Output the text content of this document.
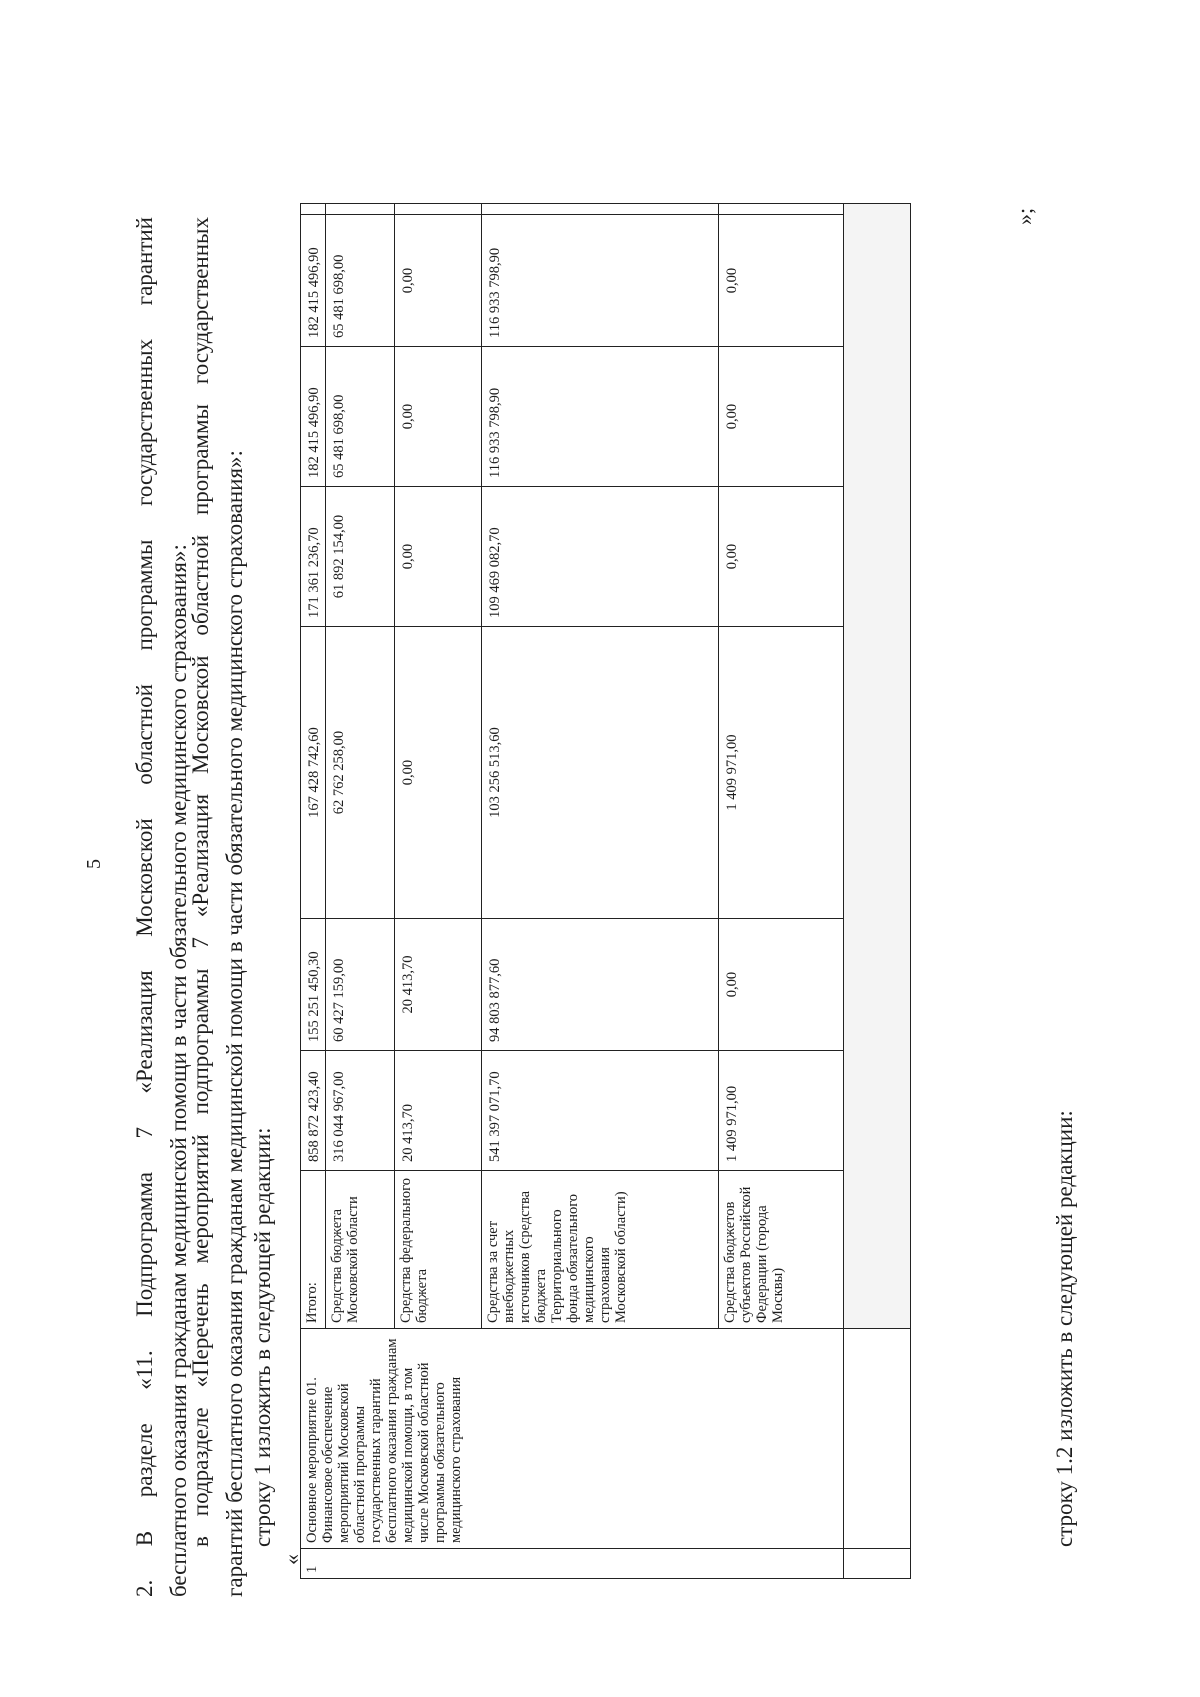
5 2. В разделе «11. Подпрограмма 7 «Реализация Московской областной программы государственных гарантий бесплатного оказания гражданам медицинской помощи в части обязательного медицинского страхования»:
в подразделе «Перечень мероприятий подпрограммы 7 «Реализация Московской областной программы государственных гарантий бесплатного оказания гражданам медицинской помощи в части обязательного медицинского страхования»: строку 1 изложить в следующей редакции:
«
1	Основное мероприятие 01. Финансовое обеспечение мероприятий Московской областной программы государственных гарантий бесплатного оказания гражданам медицинской помощи, в том числе Московской областной программы обязательного медицинского страхования	Итого:	858 872 423,40	155 251 450,30	167 428 742,60	171 361 236,70	182 415 496,90	182 415 496,90	
		Средства бюджета Московской области	316 044 967,00	60 427 159,00	62 762 258,00	61 892 154,00	65 481 698,00	65 481 698,00	
		Средства федерального бюджета	20 413,70	20 413,70	0,00	0,00	0,00	0,00	
		Средства за счет внебюджетных источников (средства бюджета Территориального фонда обязательного медицинского страхования Московской области)	541 397 071,70	94 803 877,60	103 256 513,60	109 469 082,70	116 933 798,90	116 933 798,90	
		Средства бюджетов субъектов Российской Федерации (города Москвы)	1 409 971,00	0,00	1 409 971,00	0,00	0,00	0,00	

»;
строку 1.2 изложить в следующей редакции:
